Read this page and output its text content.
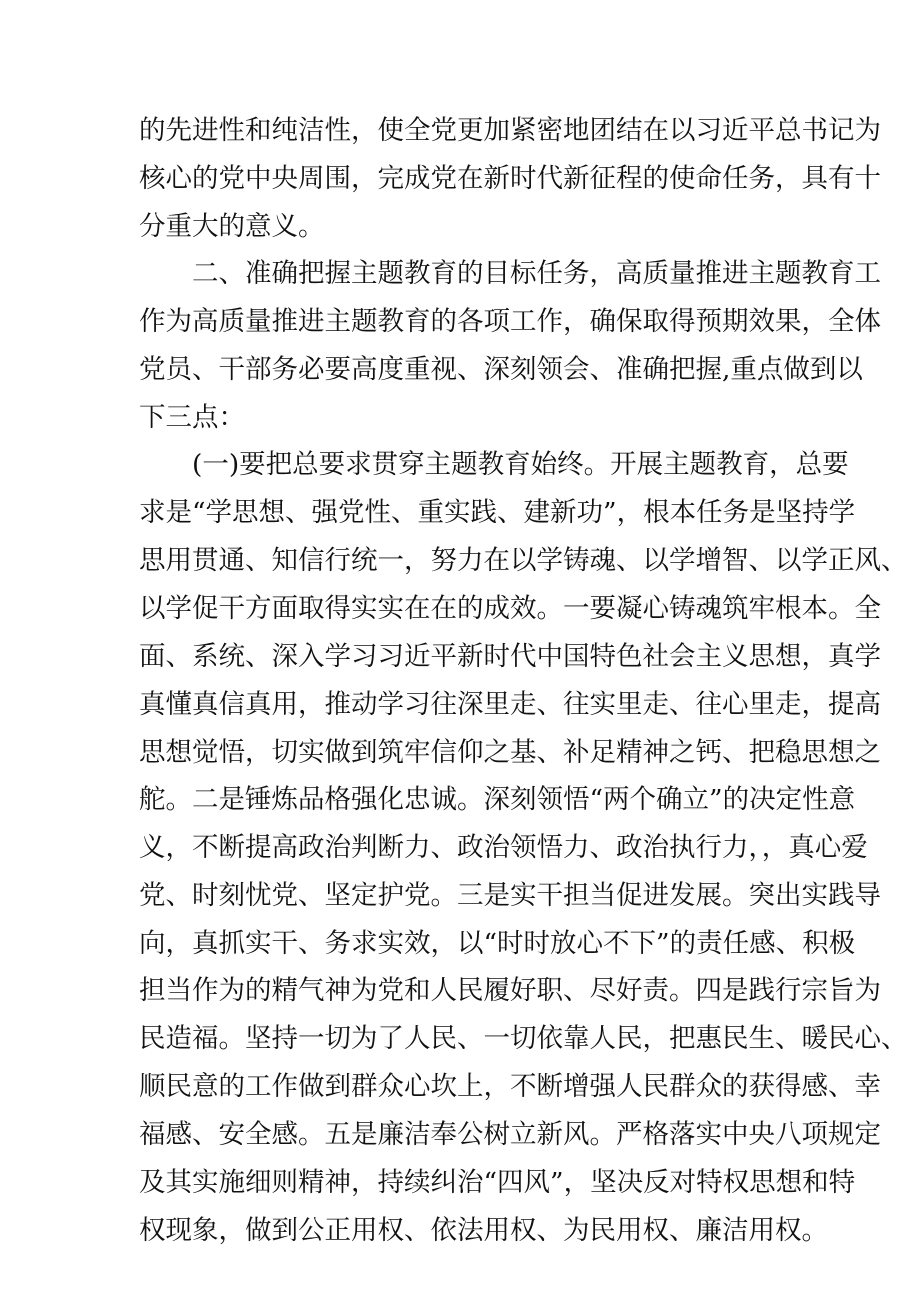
的先进性和纯洁性，使全党更加紧密地团结在以习近平总书记为
核心的党中央周围，完成党在新时代新征程的使命任务，具有十
分重大的意义。
　　二、准确把握主题教育的目标任务，高质量推进主题教育工
作为高质量推进主题教育的各项工作，确保取得预期效果，全体
党员、干部务必要高度重视、深刻领会、准确把握,重点做到以
下三点：
　　(一)要把总要求贯穿主题教育始终。开展主题教育，总要
求是“学思想、强党性、重实践、建新功”，根本任务是坚持学
思用贯通、知信行统一，努力在以学铸魂、以学增智、以学正风、
以学促干方面取得实实在在的成效。一要凝心铸魂筑牢根本。全
面、系统、深入学习习近平新时代中国特色社会主义思想，真学
真懂真信真用，推动学习往深里走、往实里走、往心里走，提高
思想觉悟，切实做到筑牢信仰之基、补足精神之钙、把稳思想之
舵。二是锤炼品格强化忠诚。深刻领悟“两个确立”的决定性意
义，不断提高政治判断力、政治领悟力、政治执行力，，真心爱
党、时刻忧党、坚定护党。三是实干担当促进发展。突出实践导
向，真抓实干、务求实效，以“时时放心不下”的责任感、积极
担当作为的精气神为党和人民履好职、尽好责。四是践行宗旨为
民造福。坚持一切为了人民、一切依靠人民，把惠民生、暖民心、
顺民意的工作做到群众心坎上，不断增强人民群众的获得感、幸
福感、安全感。五是廉洁奉公树立新风。严格落实中央八项规定
及其实施细则精神，持续纠治“四风”，坚决反对特权思想和特
权现象，做到公正用权、依法用权、为民用权、廉洁用权。
